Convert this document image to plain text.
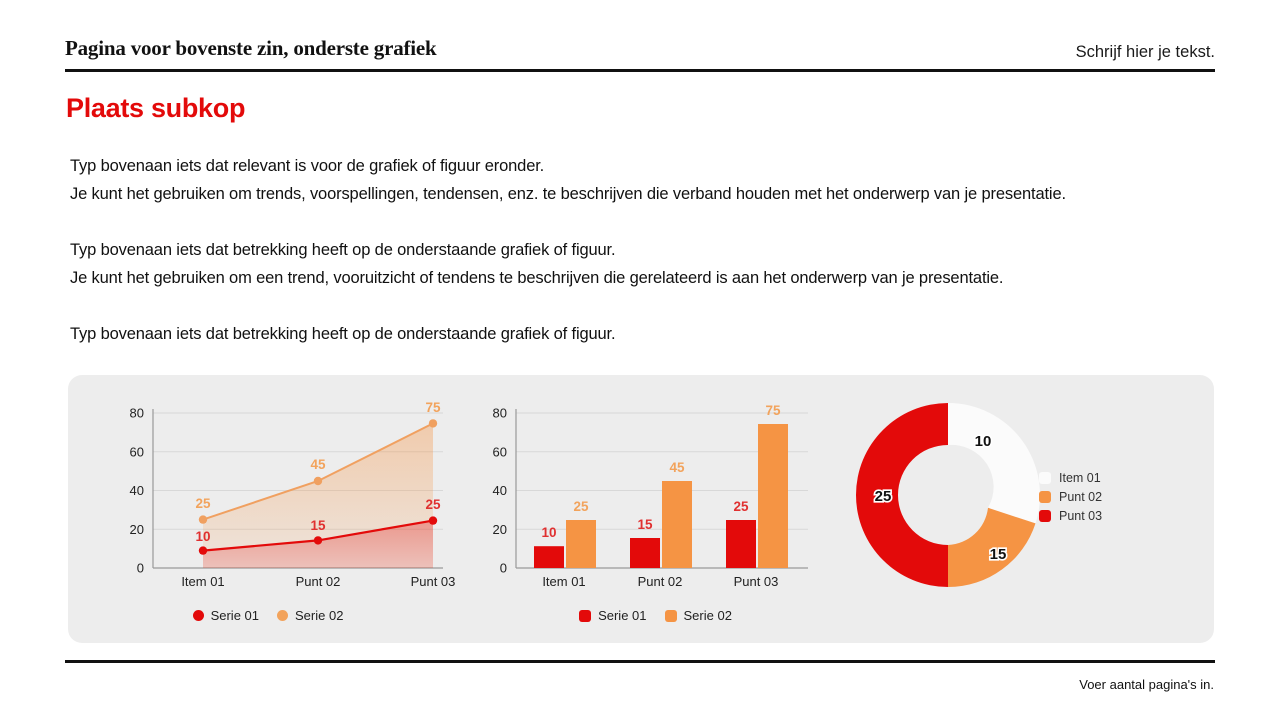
Pagina voor bovenste zin, onderste grafiek	Schrijf hier je tekst.
Plaats subkop
Typ bovenaan iets dat relevant is voor de grafiek of figuur eronder.
Je kunt het gebruiken om trends, voorspellingen, tendensen, enz. te beschrijven die verband houden met het onderwerp van je presentatie.
Typ bovenaan iets dat betrekking heeft op de onderstaande grafiek of figuur.
Je kunt het gebruiken om een trend, vooruitzicht of tendens te beschrijven die gerelateerd is aan het onderwerp van je presentatie.
Typ bovenaan iets dat betrekking heeft op de onderstaande grafiek of figuur.
0
20
40
60
80
25
45
75
10
15
25
Item 01	Punt 02	Punt 03
Serie 01	Serie 02
0
20
40
60
80
10
15
25
25
45
75
Item 01	Punt 02	Punt 03
Serie 01	Serie 02
10
15
25
Item 01
Punt 02
Punt 03
Voer aantal pagina's in.
